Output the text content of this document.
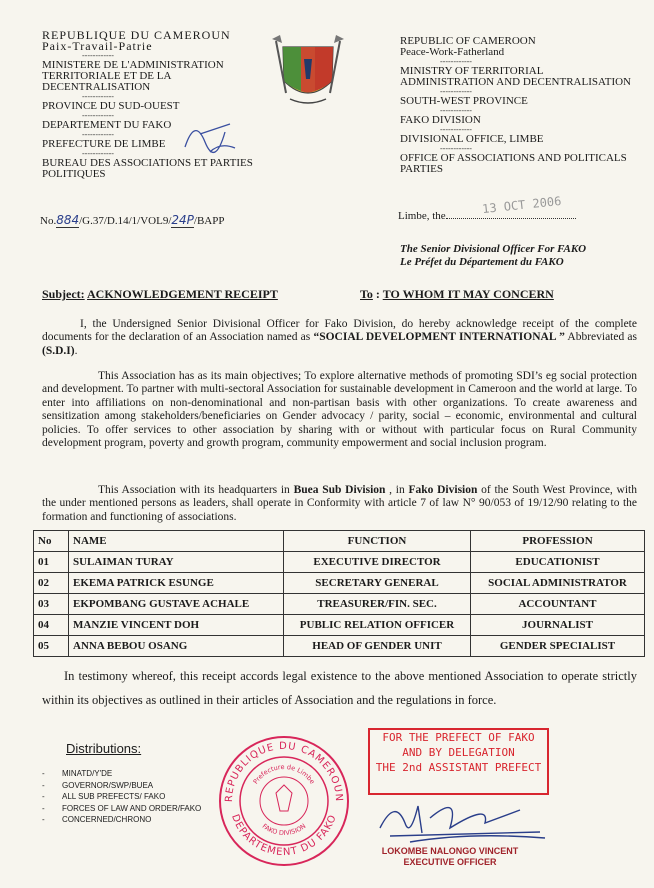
REPUBLIQUE DU CAMEROUN
Paix-Travail-Patrie
------------
MINISTERE DE L'ADMINISTRATION TERRITORIALE ET DE LA DECENTRALISATION
------------
PROVINCE DU SUD-OUEST
------------
DEPARTEMENT DU FAKO
------------
PREFECTURE DE LIMBE
------------
BUREAU DES ASSOCIATIONS ET PARTIES POLITIQUES
REPUBLIC OF CAMEROON
Peace-Work-Fatherland
------------
MINISTRY OF TERRITORIAL ADMINISTRATION AND DECENTRALISATION
------------
SOUTH-WEST PROVINCE
------------
FAKO DIVISION
------------
DIVISIONAL OFFICE, LIMBE
------------
OFFICE OF ASSOCIATIONS AND POLITICALS PARTIES
No.884/G.37/D.14/1/VOL9/24P/BAPP	Limbe, the	13 OCT 2006
The Senior Divisional Officer For FAKO
Le Préfet du Département du FAKO
Subject: ACKNOWLEDGEMENT RECEIPT	To : TO WHOM IT MAY CONCERN
I, the Undersigned Senior Divisional Officer for Fako Division, do hereby acknowledge receipt of the complete documents for the declaration of an Association named as “SOCIAL DEVELOPMENT INTERNATIONAL ” Abbreviated as (S.D.I).
This Association has as its main objectives; To explore alternative methods of promoting SDI’s eg social protection and development. To partner with multi-sectoral Association for sustainable development in Cameroon and the world at large. To enter into affiliations on non-denominational and non-partisan basis with other organizations. To create awareness and sensitization among stakeholders/beneficiaries on Gender advocacy / parity, social – economic, environmental and cultural policies. To offer services to other association by sharing with or without with particular focus on Rural Community development program, poverty and growth program, community empowerment and social inclusion program.
This Association with its headquarters in Buea Sub Division , in Fako Division of the South West Province, with the under mentioned persons as leaders, shall operate in Conformity with article 7 of law N° 90/053 of 19/12/90 relating to the formation and functioning of associations.
No	NAME	FUNCTION	PROFESSION
01	SULAIMAN TURAY	EXECUTIVE DIRECTOR	EDUCATIONIST
02	EKEMA PATRICK ESUNGE	SECRETARY GENERAL	SOCIAL ADMINISTRATOR
03	EKPOMBANG GUSTAVE ACHALE	TREASURER/FIN. SEC.	ACCOUNTANT
04	MANZIE VINCENT DOH	PUBLIC RELATION OFFICER	JOURNALIST
05	ANNA BEBOU OSANG	HEAD OF GENDER UNIT	GENDER SPECIALIST
In testimony whereof, this receipt accords legal existence to the above mentioned Association to operate strictly within its objectives as outlined in their articles of Association and the regulations in force.
Distributions:
- MINATD/Y'DE
- GOVERNOR/SWP/BUEA
- ALL SUB PREFECTS/ FAKO
- FORCES OF LAW AND ORDER/FAKO
- CONCERNED/CHRONO
REPUBLIQUE DU CAMEROUN
DEPARTEMENT DU FAKO
Prefecture de Limbe
FAKO DIVISION
FOR THE PREFECT OF FAKO
AND BY DELEGATION
THE 2nd ASSISTANT PREFECT
LOKOMBE NALONGO VINCENT
EXECUTIVE OFFICER
